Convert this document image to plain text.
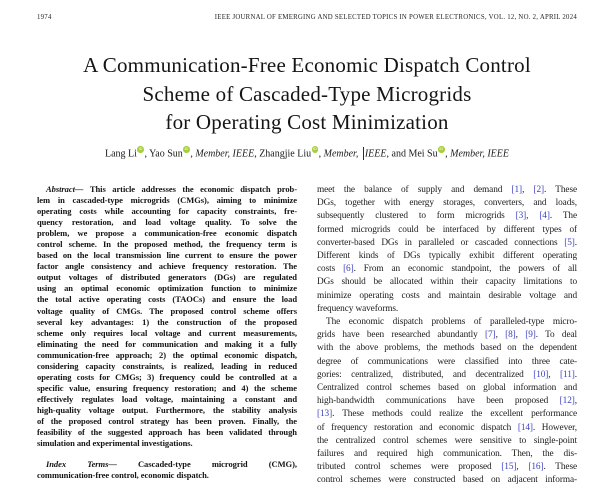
1974	IEEE JOURNAL OF EMERGING AND SELECTED TOPICS IN POWER ELECTRONICS, VOL. 12, NO. 2, APRIL 2024
A Communication-Free Economic Dispatch Control
Scheme of Cascaded-Type Microgrids
for Operating Cost Minimization
Lang Li iD , Yao Sun iD , Member, IEEE, Zhangjie Liu iD , Member, IEEE, and Mei Su iD , Member, IEEE
Abstract— This article addresses the economic dispatch prob-
lem in cascaded-type microgrids (CMGs), aiming to minimize
operating costs while accounting for capacity constraints, fre-
quency restoration, and load voltage quality. To solve the
problem, we propose a communication-free economic dispatch
control scheme. In the proposed method, the frequency term is
based on the local transmission line current to ensure the power
factor angle consistency and achieve frequency restoration. The
output voltages of distributed generators (DGs) are regulated
using an optimal economic optimization function to minimize
the total active operating costs (TAOCs) and ensure the load
voltage quality of CMGs. The proposed control scheme offers
several key advantages: 1) the construction of the proposed
scheme only requires local voltage and current measurements,
eliminating the need for communication and making it a fully
communication-free approach; 2) the optimal economic dispatch,
considering capacity constraints, is realized, leading in reduced
operating costs for CMGs; 3) frequency could be controlled at a
specific value, ensuring frequency restoration; and 4) the scheme
effectively regulates load voltage, maintaining a constant and
high-quality voltage output. Furthermore, the stability analysis
of the proposed control strategy has been proven. Finally, the
feasibility of the suggested approach has been validated through
simulation and experimental investigations.
Index Terms— Cascaded-type microgrid (CMG),
communication-free control, economic dispatch.
meet the balance of supply and demand [1], [2]. These
DGs, together with energy storages, converters, and loads,
subsequently clustered to form microgrids [3], [4]. The
formed microgrids could be interfaced by different types of
converter-based DGs in paralleled or cascaded connections [5].
Different kinds of DGs typically exhibit different operating
costs [6]. From an economic standpoint, the powers of all
DGs should be allocated within their capacity limitations to
minimize operating costs and maintain desirable voltage and
frequency waveforms.
The economic dispatch problems of paralleled-type micro-
grids have been researched abundantly [7], [8], [9]. To deal
with the above problems, the methods based on the dependent
degree of communications were classified into three cate-
gories: centralized, distributed, and decentralized [10], [11].
Centralized control schemes based on global information and
high-bandwidth communications have been proposed [12],
[13]. These methods could realize the excellent performance
of frequency restoration and economic dispatch [14]. However,
the centralized control schemes were sensitive to single-point
failures and required high communication. Then, the dis-
tributed control schemes were proposed [15], [16]. These
control schemes were constructed based on adjacent informa-
